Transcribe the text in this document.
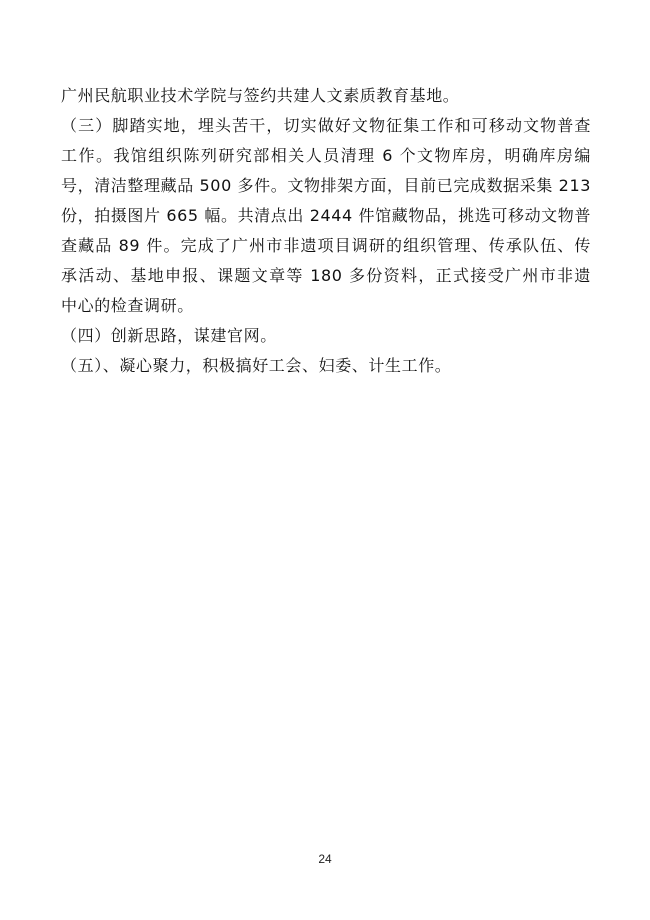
广州民航职业技术学院与签约共建人文素质教育基地。
（三）脚踏实地，埋头苦干，切实做好文物征集工作和可移动文物普查
工作。我馆组织陈列研究部相关人员清理 6 个文物库房，明确库房编
号，清洁整理藏品 500 多件。文物排架方面，目前已完成数据采集 213
份，拍摄图片 665 幅。共清点出 2444 件馆藏物品，挑选可移动文物普
查藏品 89 件。完成了广州市非遗项目调研的组织管理、传承队伍、传
承活动、基地申报、课题文章等 180 多份资料，正式接受广州市非遗
中心的检查调研。
（四）创新思路，谋建官网。
（五）、凝心聚力，积极搞好工会、妇委、计生工作。
24
